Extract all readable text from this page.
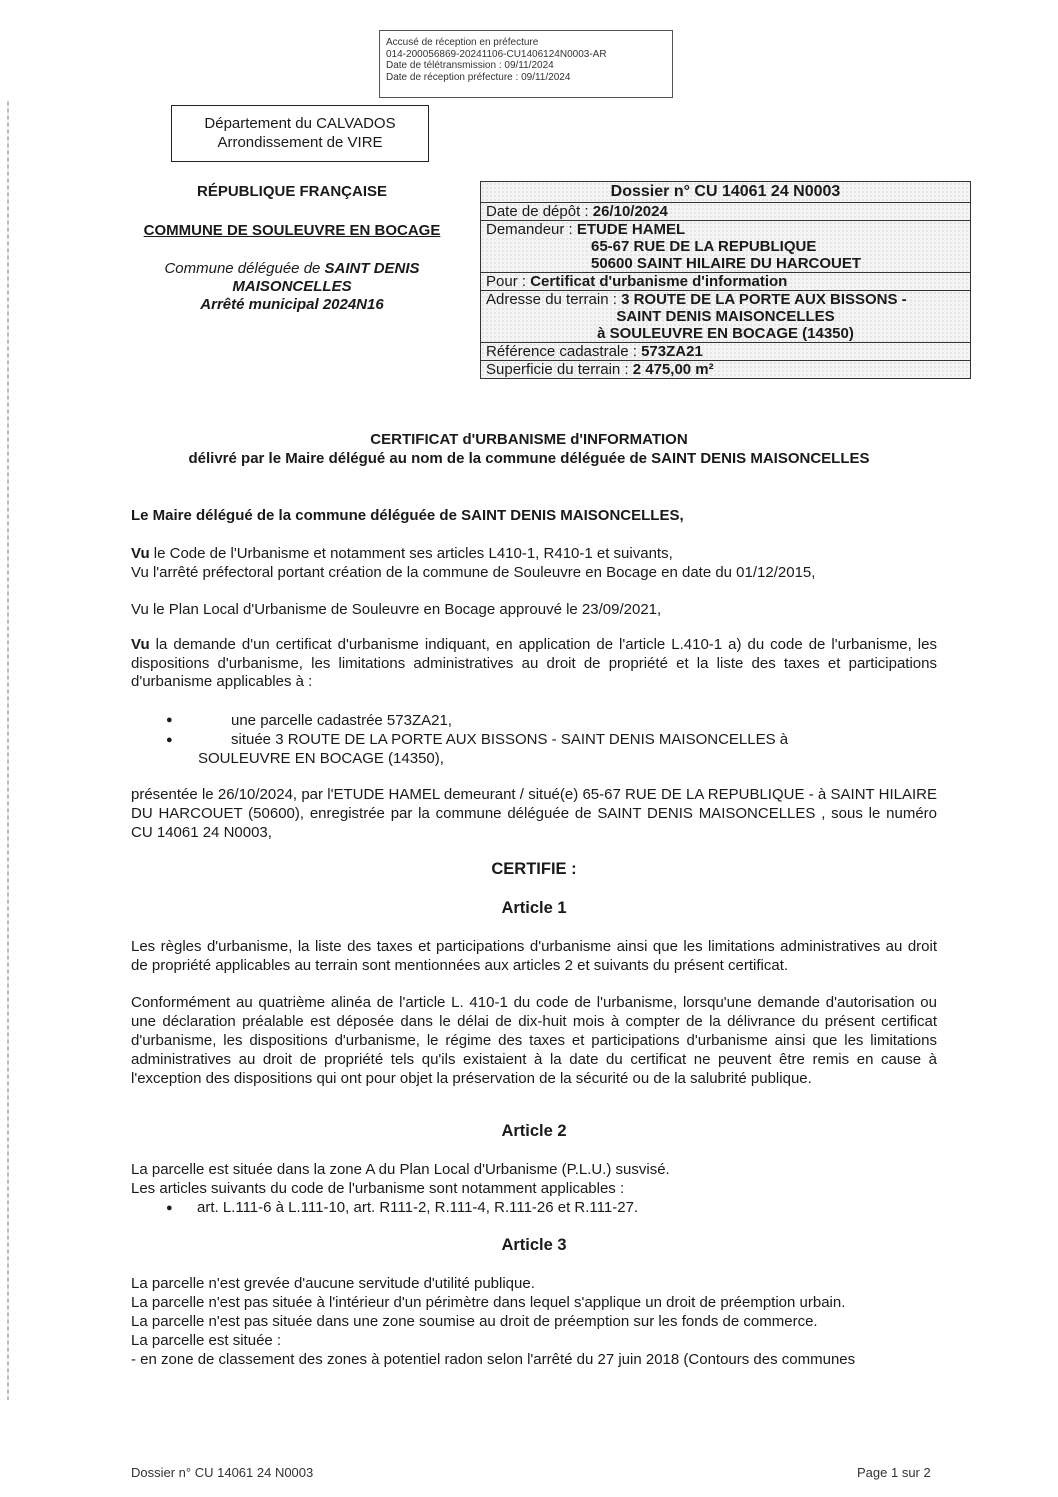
Accusé de réception en préfecture
014-200056869-20241106-CU1406124N0003-AR
Date de télétransmission : 09/11/2024
Date de réception préfecture : 09/11/2024
Département du CALVADOS
Arrondissement de VIRE
RÉPUBLIQUE FRANÇAISE
COMMUNE DE SOULEUVRE EN BOCAGE
Commune déléguée de SAINT DENIS
MAISONCELLES
Arrêté municipal 2024N16
Dossier n° CU 14061 24 N0003
Date de dépôt : 26/10/2024
Demandeur : ETUDE HAMEL
65-67 RUE DE LA REPUBLIQUE
50600 SAINT HILAIRE DU HARCOUET
Pour : Certificat d'urbanisme d'information
Adresse du terrain : 3 ROUTE DE LA PORTE AUX BISSONS -
SAINT DENIS MAISONCELLES
à SOULEUVRE EN BOCAGE (14350)
Référence cadastrale : 573ZA21
Superficie du terrain : 2 475,00 m²
CERTIFICAT d'URBANISME d'INFORMATION
délivré par le Maire délégué au nom de la commune déléguée de SAINT DENIS MAISONCELLES
Le Maire délégué de la commune déléguée de SAINT DENIS MAISONCELLES,
Vu le Code de l'Urbanisme et notamment ses articles L410-1, R410-1 et suivants,
Vu l'arrêté préfectoral portant création de la commune de Souleuvre en Bocage en date du 01/12/2015,
Vu le Plan Local d'Urbanisme de Souleuvre en Bocage approuvé le 23/09/2021,
Vu la demande d'un certificat d'urbanisme indiquant, en application de l'article L.410-1 a) du code de l'urbanisme, les dispositions d'urbanisme, les limitations administratives au droit de propriété et la liste des taxes et participations d'urbanisme applicables à :
●	une parcelle cadastrée 573ZA21,
●	située 3 ROUTE DE LA PORTE AUX BISSONS - SAINT DENIS MAISONCELLES à
SOULEUVRE EN BOCAGE (14350),
présentée le 26/10/2024, par l'ETUDE HAMEL demeurant / situé(e) 65-67 RUE DE LA REPUBLIQUE - à SAINT HILAIRE DU HARCOUET (50600), enregistrée par la commune déléguée de SAINT DENIS MAISONCELLES , sous le numéro CU 14061 24 N0003,
CERTIFIE :
Article 1
Les règles d'urbanisme, la liste des taxes et participations d'urbanisme ainsi que les limitations administratives au droit de propriété applicables au terrain sont mentionnées aux articles 2 et suivants du présent certificat.
Conformément au quatrième alinéa de l'article L. 410-1 du code de l'urbanisme, lorsqu'une demande d'autorisation ou une déclaration préalable est déposée dans le délai de dix-huit mois à compter de la délivrance du présent certificat d'urbanisme, les dispositions d'urbanisme, le régime des taxes et participations d'urbanisme ainsi que les limitations administratives au droit de propriété tels qu'ils existaient à la date du certificat ne peuvent être remis en cause à l'exception des dispositions qui ont pour objet la préservation de la sécurité ou de la salubrité publique.
Article 2
La parcelle est située dans la zone A du Plan Local d'Urbanisme (P.L.U.) susvisé.
Les articles suivants du code de l'urbanisme sont notamment applicables :
● art. L.111-6 à L.111-10, art. R111-2, R.111-4, R.111-26 et R.111-27.
Article 3
La parcelle n'est grevée d'aucune servitude d'utilité publique.
La parcelle n'est pas située à l'intérieur d'un périmètre dans lequel s'applique un droit de préemption urbain.
La parcelle n'est pas située dans une zone soumise au droit de préemption sur les fonds de commerce.
La parcelle est située :
- en zone de classement des zones à potentiel radon selon l'arrêté du 27 juin 2018 (Contours des communes
Dossier n° CU 14061 24 N0003	Page 1 sur 2
